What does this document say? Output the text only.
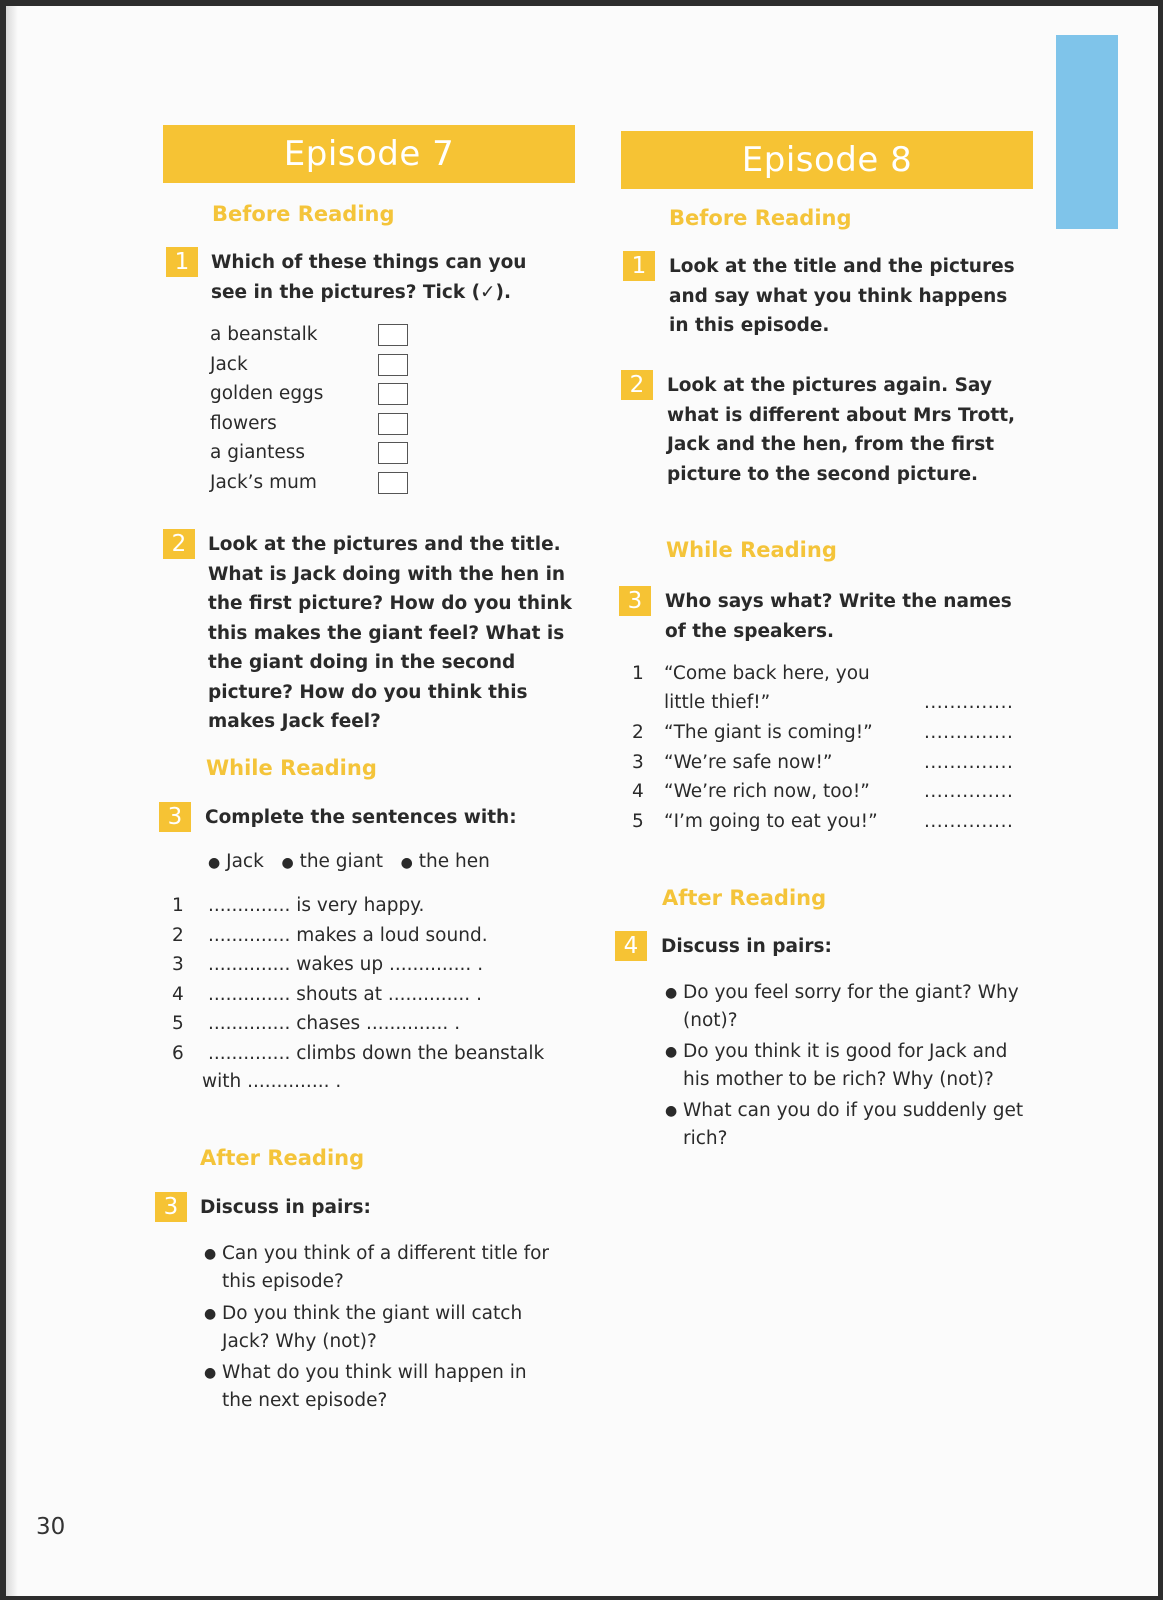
Episode 7
Before Reading
1	Which of these things can you see in the pictures? Tick (✓).
a beanstalk
Jack
golden eggs
flowers
a giantess
Jack’s mum
2	Look at the pictures and the title. What is Jack doing with the hen in the first picture? How do you think this makes the giant feel? What is the giant doing in the second picture? How do you think this makes Jack feel?
While Reading
3	Complete the sentences with:
● Jack ● the giant ● the hen
1 .............. is very happy.
2 .............. makes a loud sound.
3 .............. wakes up .............. .
4 .............. shouts at .............. .
5 .............. chases .............. .
6 .............. climbs down the beanstalk
with .............. .
After Reading
3	Discuss in pairs:
● Can you think of a different title for this episode?
● Do you think the giant will catch Jack? Why (not)?
● What do you think will happen in the next episode?
Episode 8
Before Reading
1	Look at the title and the pictures and say what you think happens in this episode.
2	Look at the pictures again. Say what is different about Mrs Trott, Jack and the hen, from the first picture to the second picture.
While Reading
3	Who says what? Write the names of the speakers.
1 “Come back here, you
little thief!”	..............
2 “The giant is coming!”	..............
3 “We’re safe now!”	..............
4 “We’re rich now, too!”	..............
5 “I’m going to eat you!”	..............
After Reading
4	Discuss in pairs:
● Do you feel sorry for the giant? Why (not)?
● Do you think it is good for Jack and his mother to be rich? Why (not)?
● What can you do if you suddenly get rich?
30
